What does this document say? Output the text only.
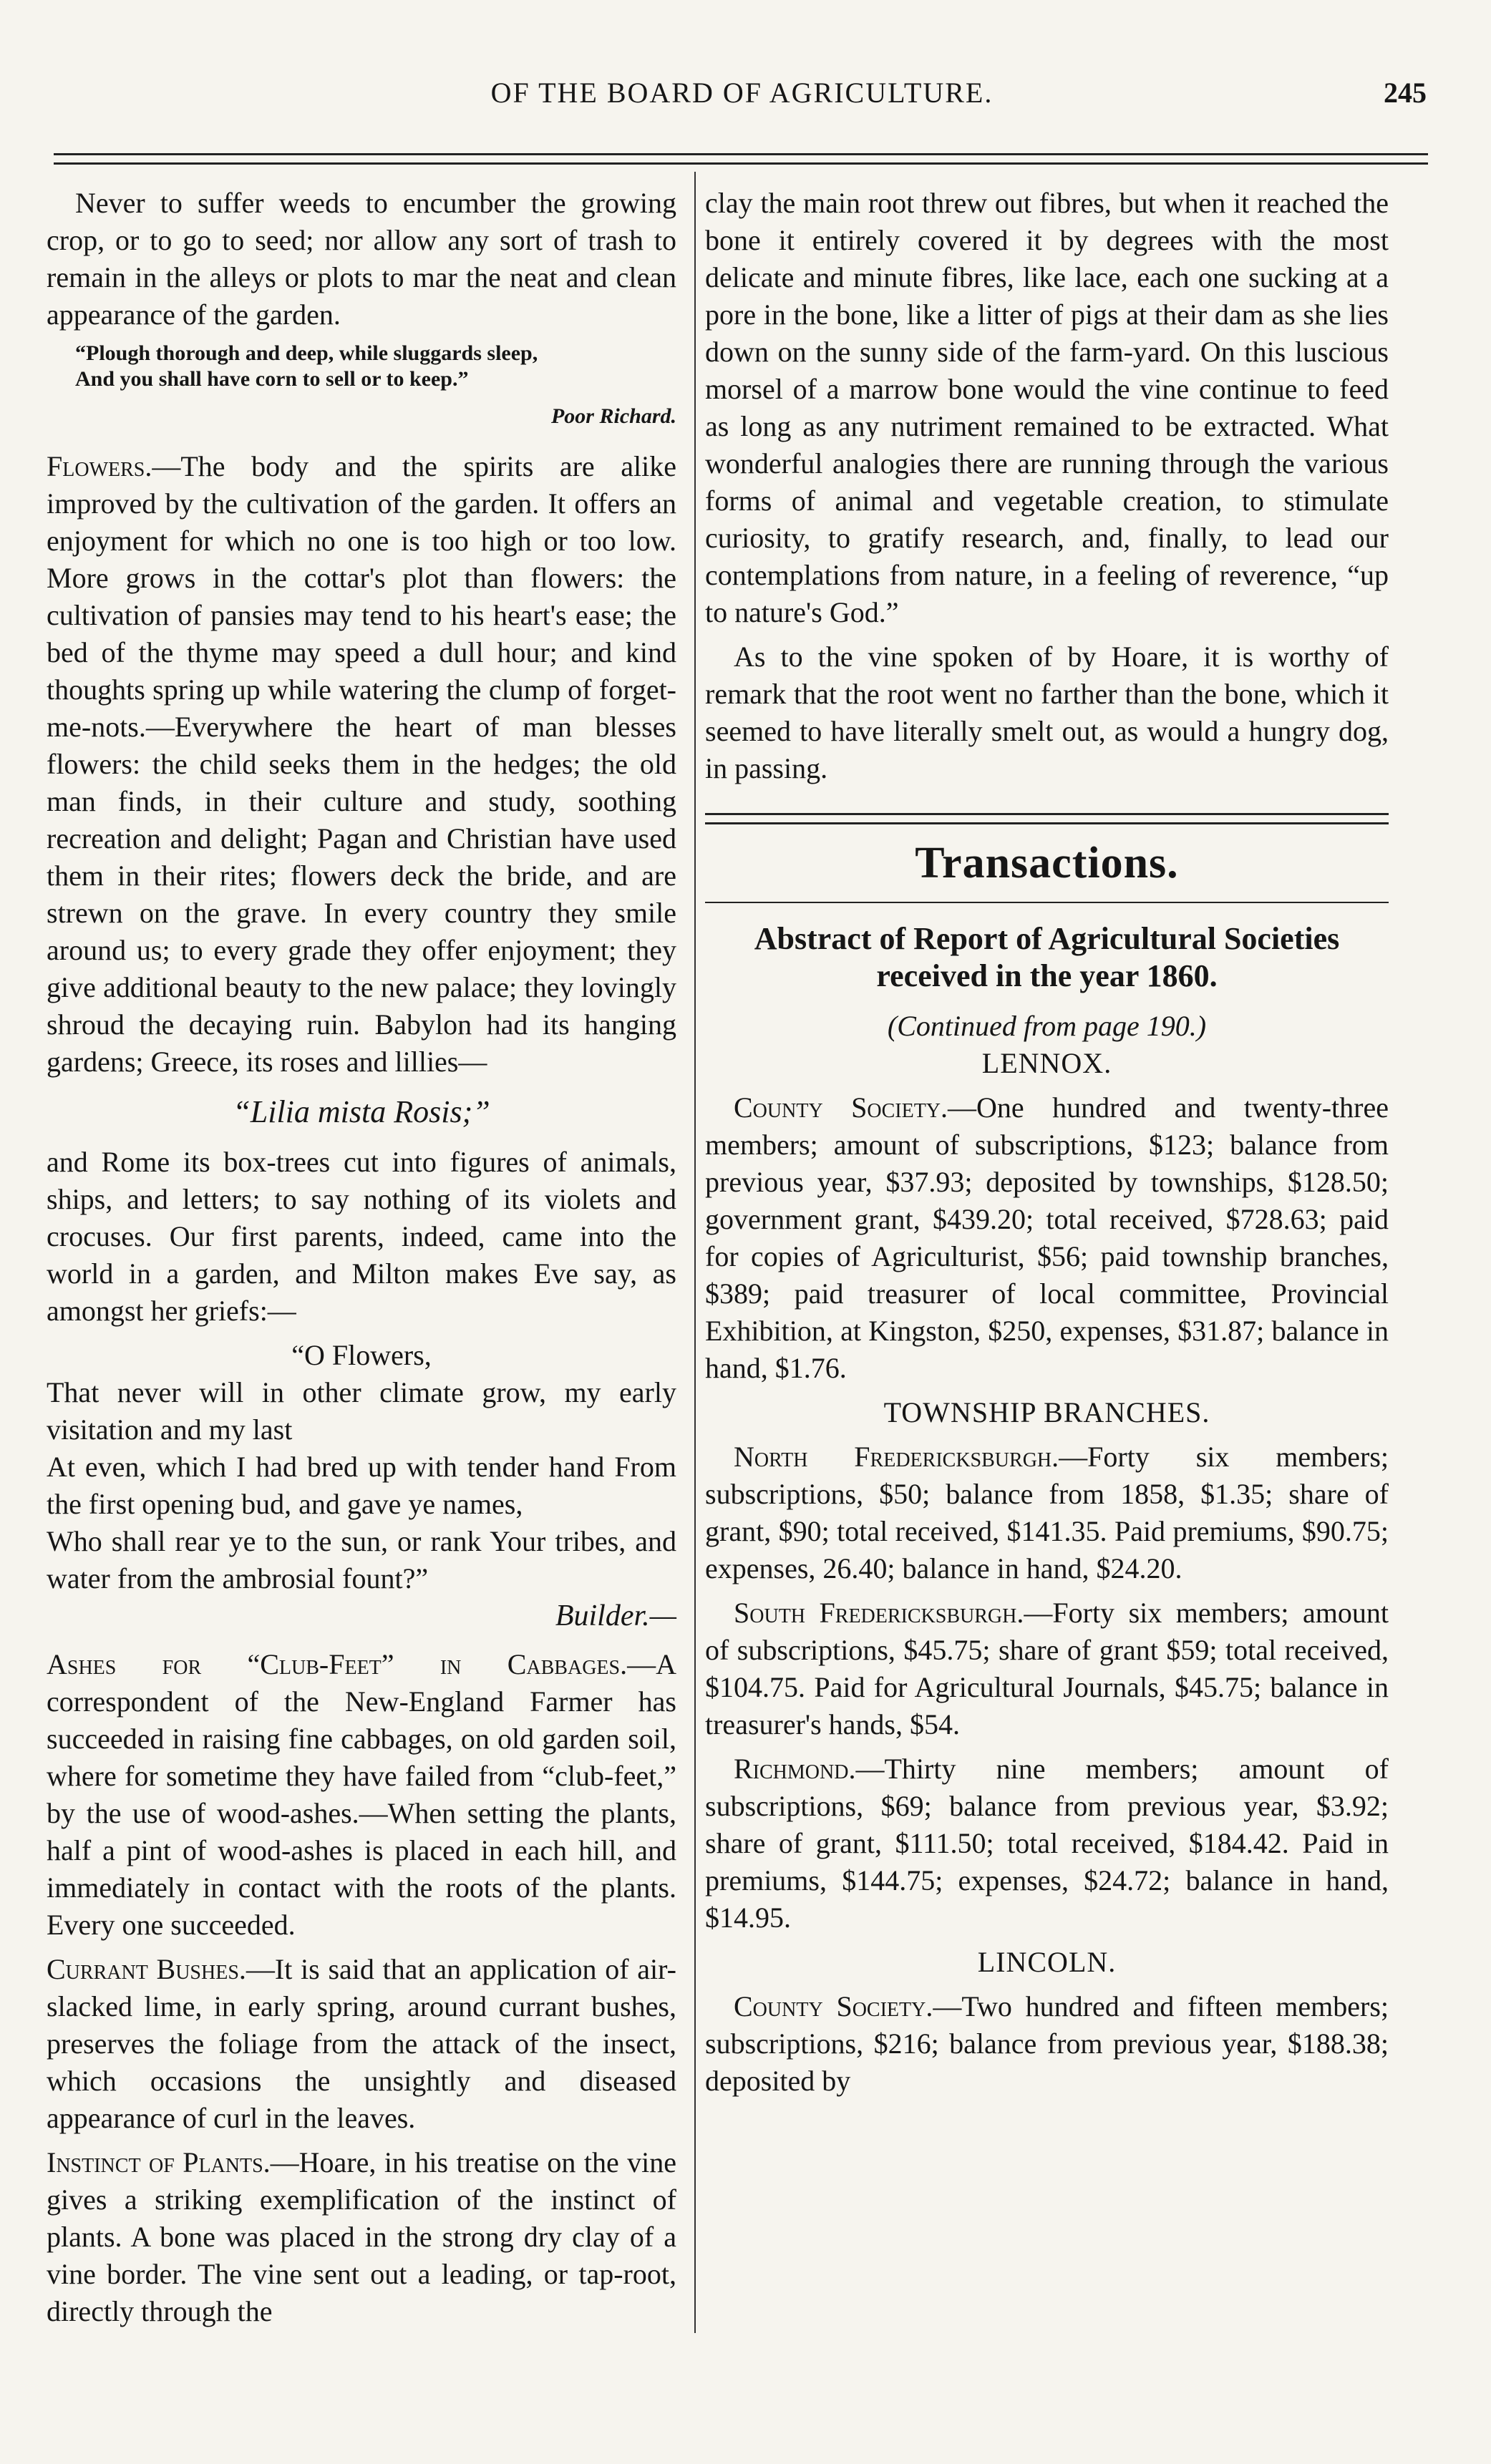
OF THE BOARD OF AGRICULTURE.	245

Never to suffer weeds to encumber the growing crop, or to go to seed; nor allow any sort of trash to remain in the alleys or plots to mar the neat and clean appearance of the garden.

“Plough thorough and deep, while sluggards sleep,
And you shall have corn to sell or to keep.”
Poor Richard.

Flowers.—The body and the spirits are alike improved by the cultivation of the garden. It offers an enjoyment for which no one is too high or too low. More grows in the cottar's plot than flowers: the cultivation of pansies may tend to his heart's ease; the bed of the thyme may speed a dull hour; and kind thoughts spring up while watering the clump of forget-me-nots.—Everywhere the heart of man blesses flowers: the child seeks them in the hedges; the old man finds, in their culture and study, soothing recreation and delight; Pagan and Christian have used them in their rites; flowers deck the bride, and are strewn on the grave. In every country they smile around us; to every grade they offer enjoyment; they give additional beauty to the new palace; they lovingly shroud the decaying ruin. Babylon had its hanging gardens; Greece, its roses and lillies—

“Lilia mista Rosis;”

and Rome its box-trees cut into figures of animals, ships, and letters; to say nothing of its violets and crocuses. Our first parents, indeed, came into the world in a garden, and Milton makes Eve say, as amongst her griefs:—

“O Flowers,
That never will in other climate grow, my early visitation and my last
At even, which I had bred up with tender hand From the first opening bud, and gave ye names,
Who shall rear ye to the sun, or rank Your tribes, and water from the ambrosial fount?”
Builder.—

Ashes for “Club-Feet” in Cabbages.—A correspondent of the New-England Farmer has succeeded in raising fine cabbages, on old garden soil, where for sometime they have failed from “club-feet,” by the use of wood-ashes.—When setting the plants, half a pint of wood-ashes is placed in each hill, and immediately in contact with the roots of the plants. Every one succeeded.

Currant Bushes.—It is said that an application of air-slacked lime, in early spring, around currant bushes, preserves the foliage from the attack of the insect, which occasions the unsightly and diseased appearance of curl in the leaves.

Instinct of Plants.—Hoare, in his treatise on the vine gives a striking exemplification of the instinct of plants. A bone was placed in the strong dry clay of a vine border. The vine sent out a leading, or tap-root, directly through the

clay the main root threw out fibres, but when it reached the bone it entirely covered it by degrees with the most delicate and minute fibres, like lace, each one sucking at a pore in the bone, like a litter of pigs at their dam as she lies down on the sunny side of the farm-yard. On this luscious morsel of a marrow bone would the vine continue to feed as long as any nutriment remained to be extracted. What wonderful analogies there are running through the various forms of animal and vegetable creation, to stimulate curiosity, to gratify research, and, finally, to lead our contemplations from nature, in a feeling of reverence, “up to nature's God.”

As to the vine spoken of by Hoare, it is worthy of remark that the root went no farther than the bone, which it seemed to have literally smelt out, as would a hungry dog, in passing.

Transactions.
Abstract of Report of Agricultural Societies received in the year 1860.
(Continued from page 190.)
LENNOX.

County Society.—One hundred and twenty-three members; amount of subscriptions, $123; balance from previous year, $37.93; deposited by townships, $128.50; government grant, $439.20; total received, $728.63; paid for copies of Agriculturist, $56; paid township branches, $389; paid treasurer of local committee, Provincial Exhibition, at Kingston, $250, expenses, $31.87; balance in hand, $1.76.

TOWNSHIP BRANCHES.

North Fredericksburgh.—Forty six members; subscriptions, $50; balance from 1858, $1.35; share of grant, $90; total received, $141.35. Paid premiums, $90.75; expenses, 26.40; balance in hand, $24.20.

South Fredericksburgh.—Forty six members; amount of subscriptions, $45.75; share of grant $59; total received, $104.75. Paid for Agricultural Journals, $45.75; balance in treasurer's hands, $54.

Richmond.—Thirty nine members; amount of subscriptions, $69; balance from previous year, $3.92; share of grant, $111.50; total received, $184.42. Paid in premiums, $144.75; expenses, $24.72; balance in hand, $14.95.

LINCOLN.

County Society.—Two hundred and fifteen members; subscriptions, $216; balance from previous year, $188.38; deposited by
